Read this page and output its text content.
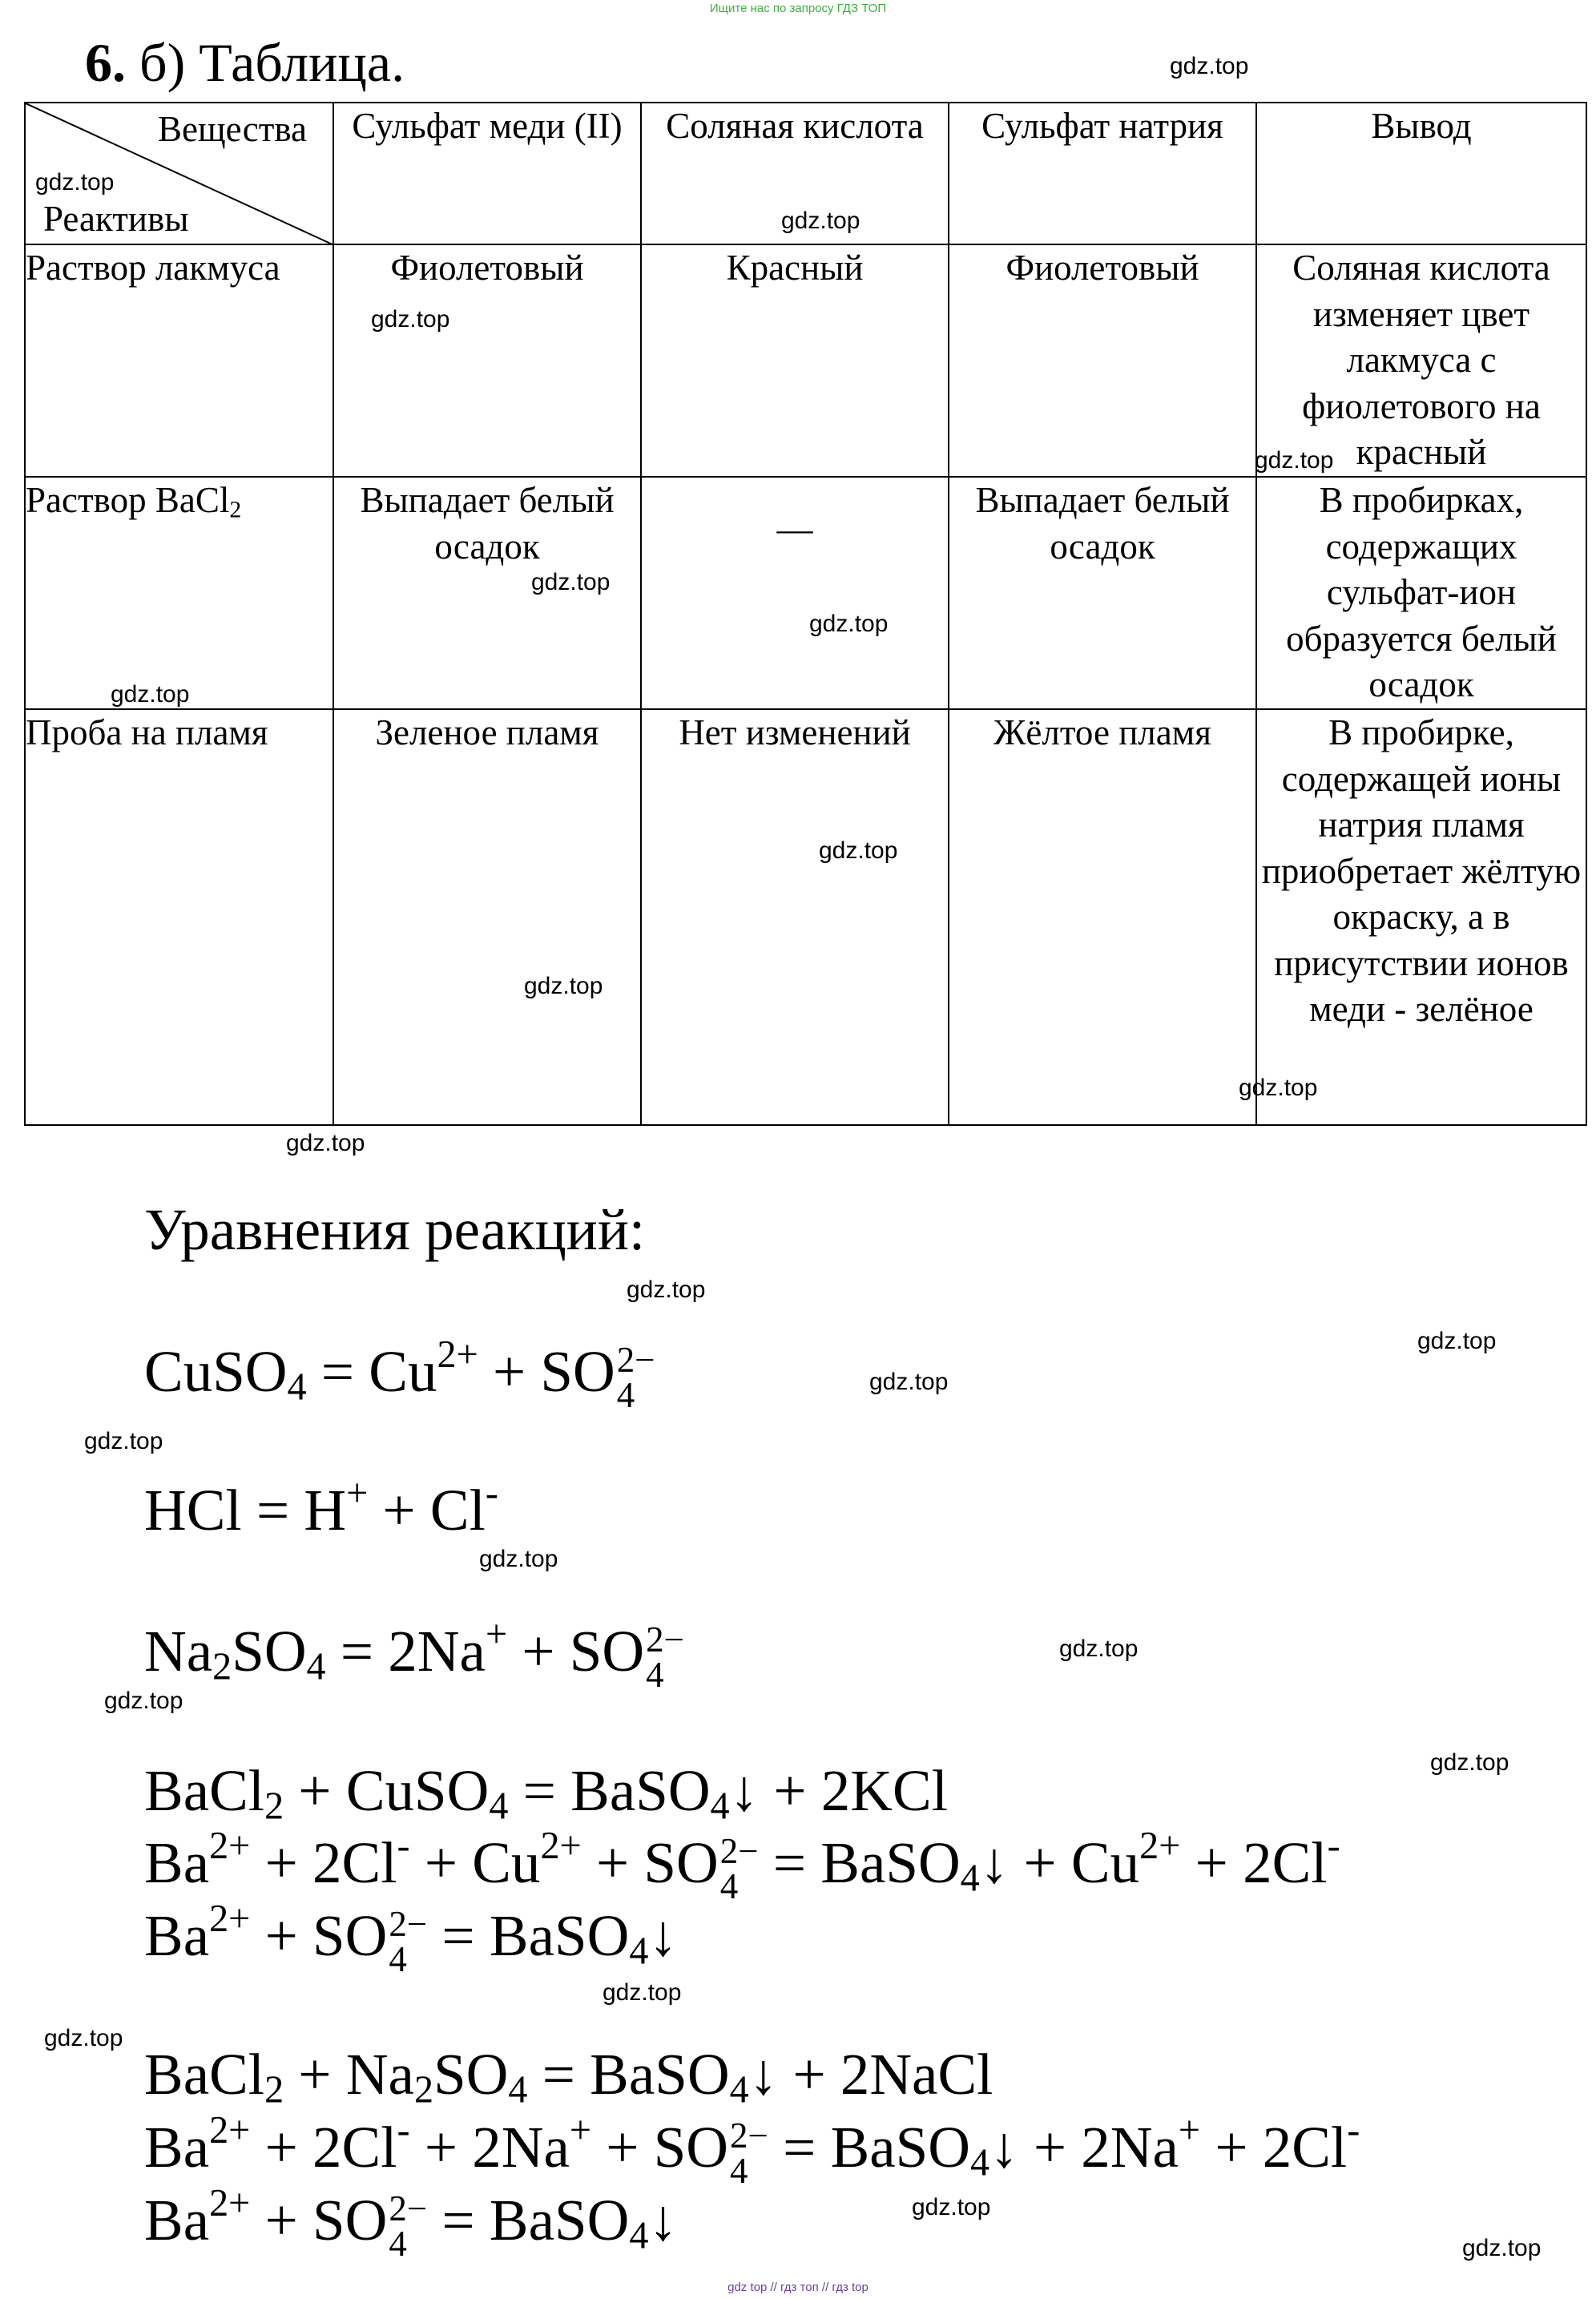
Ищите нас по запросу ГДЗ ТОП
6. б) Таблица.
Вещества
Реактивы	Сульфат меди (II)	Соляная кислота	Сульфат натрия	Вывод
Раствор лакмуса	Фиолетовый	Красный	Фиолетовый	Соляная кислота изменяет цвет лакмуса с фиолетового на красный
Раствор BaCl$_2$	Выпадает белый осадок	—	Выпадает белый осадок	В пробирках, содержащих сульфат-ион образуется белый осадок
Проба на пламя	Зеленое пламя	Нет изменений	Жёлтое пламя	В пробирке, содержащей ионы натрия пламя приобретает жёлтую окраску, а в присутствии ионов меди - зелёное
Уравнения реакций:
CuSO$_4$ = $Cu^{2+}$ + SO 2−
4
HCl = H+ + Cl-
$Na_2SO_4 = 2Na^+$ + SO 2−
4
BaCl$_2$ + CuSO$_4$ = BaSO$_4$↓ + 2KCl
$Ba^{2+} + 2Cl^- + Cu^{2+}$ + SO 2−
4 = BaSO$_4$↓ + $Cu^{2+} + 2Cl^-$
$Ba^{2+}$ + SO 2−
4 = BaSO$_4$↓
BaCl$_2$ + $Na_2SO_4$ = BaSO$_4$↓ + 2NaCl
$Ba^{2+} + 2Cl^- + 2Na^+$ + SO 2−
4 = BaSO$_4$↓ + 2Na+ + 2Cl-
$Ba^{2+}$ + SO 2−
4 = BaSO$_4$↓
gdz.top
gdz.top
gdz.top
gdz.top
gdz.top
gdz.top
gdz.top
gdz.top
gdz.top
gdz.top
gdz.top
gdz.top
gdz.top
gdz.top
gdz.top
gdz.top
gdz.top
gdz.top
gdz.top
gdz.top
gdz.top
gdz.top
gdz.top
gdz.top
gdz top // гдз топ // гдз top
